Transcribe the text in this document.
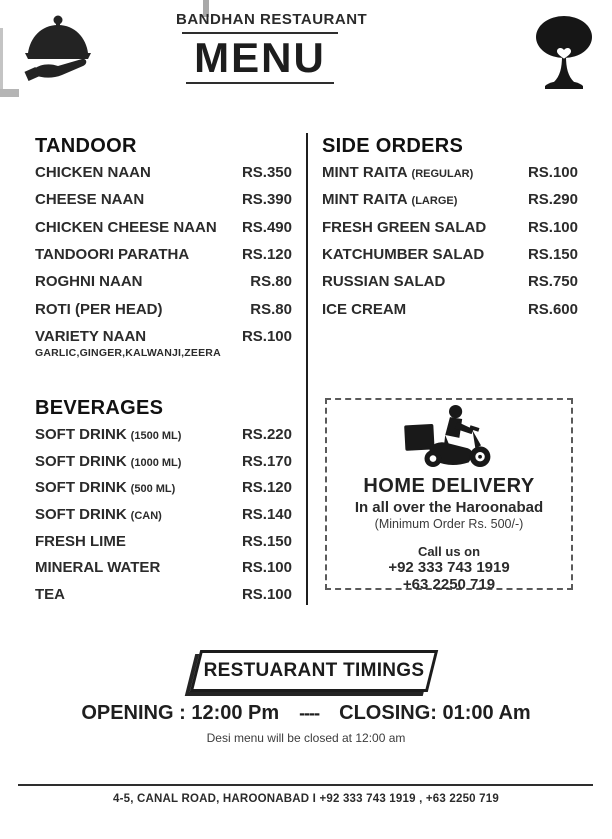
BANDHAN RESTAURANT
MENU
TANDOOR
CHICKEN NAAN	RS.350
CHEESE NAAN	RS.390
CHICKEN CHEESE NAAN RS.490
TANDOORI PARATHA	RS.120
ROGHNI NAAN	RS.80
ROTI (PER HEAD)	RS.80
VARIETY NAAN	RS.100
GARLIC,GINGER,KALWANJI,ZEERA
BEVERAGES
SOFT DRINK (1500 ML)	RS.220
SOFT DRINK (1000 ML)	RS.170
SOFT DRINK (500 ML)	RS.120
SOFT DRINK (CAN)	RS.140
FRESH LIME	RS.150
MINERAL WATER	RS.100
TEA	RS.100
SIDE ORDERS
MINT RAITA (REGULAR)	RS.100
MINT RAITA (LARGE)	RS.290
FRESH GREEN SALAD	RS.100
KATCHUMBER SALAD	RS.150
RUSSIAN SALAD	RS.750
ICE CREAM	RS.600
HOME DELIVERY
In all over the Haroonabad
(Minimum Order Rs. 500/-)
Call us on
+92 333 743 1919
+63 2250 719
RESTUARANT TIMINGS
OPENING : 12:00 Pm ---- CLOSING: 01:00 Am
Desi menu will be closed at 12:00 am
4-5, CANAL ROAD, HAROONABAD I +92 333 743 1919 , +63 2250 719
